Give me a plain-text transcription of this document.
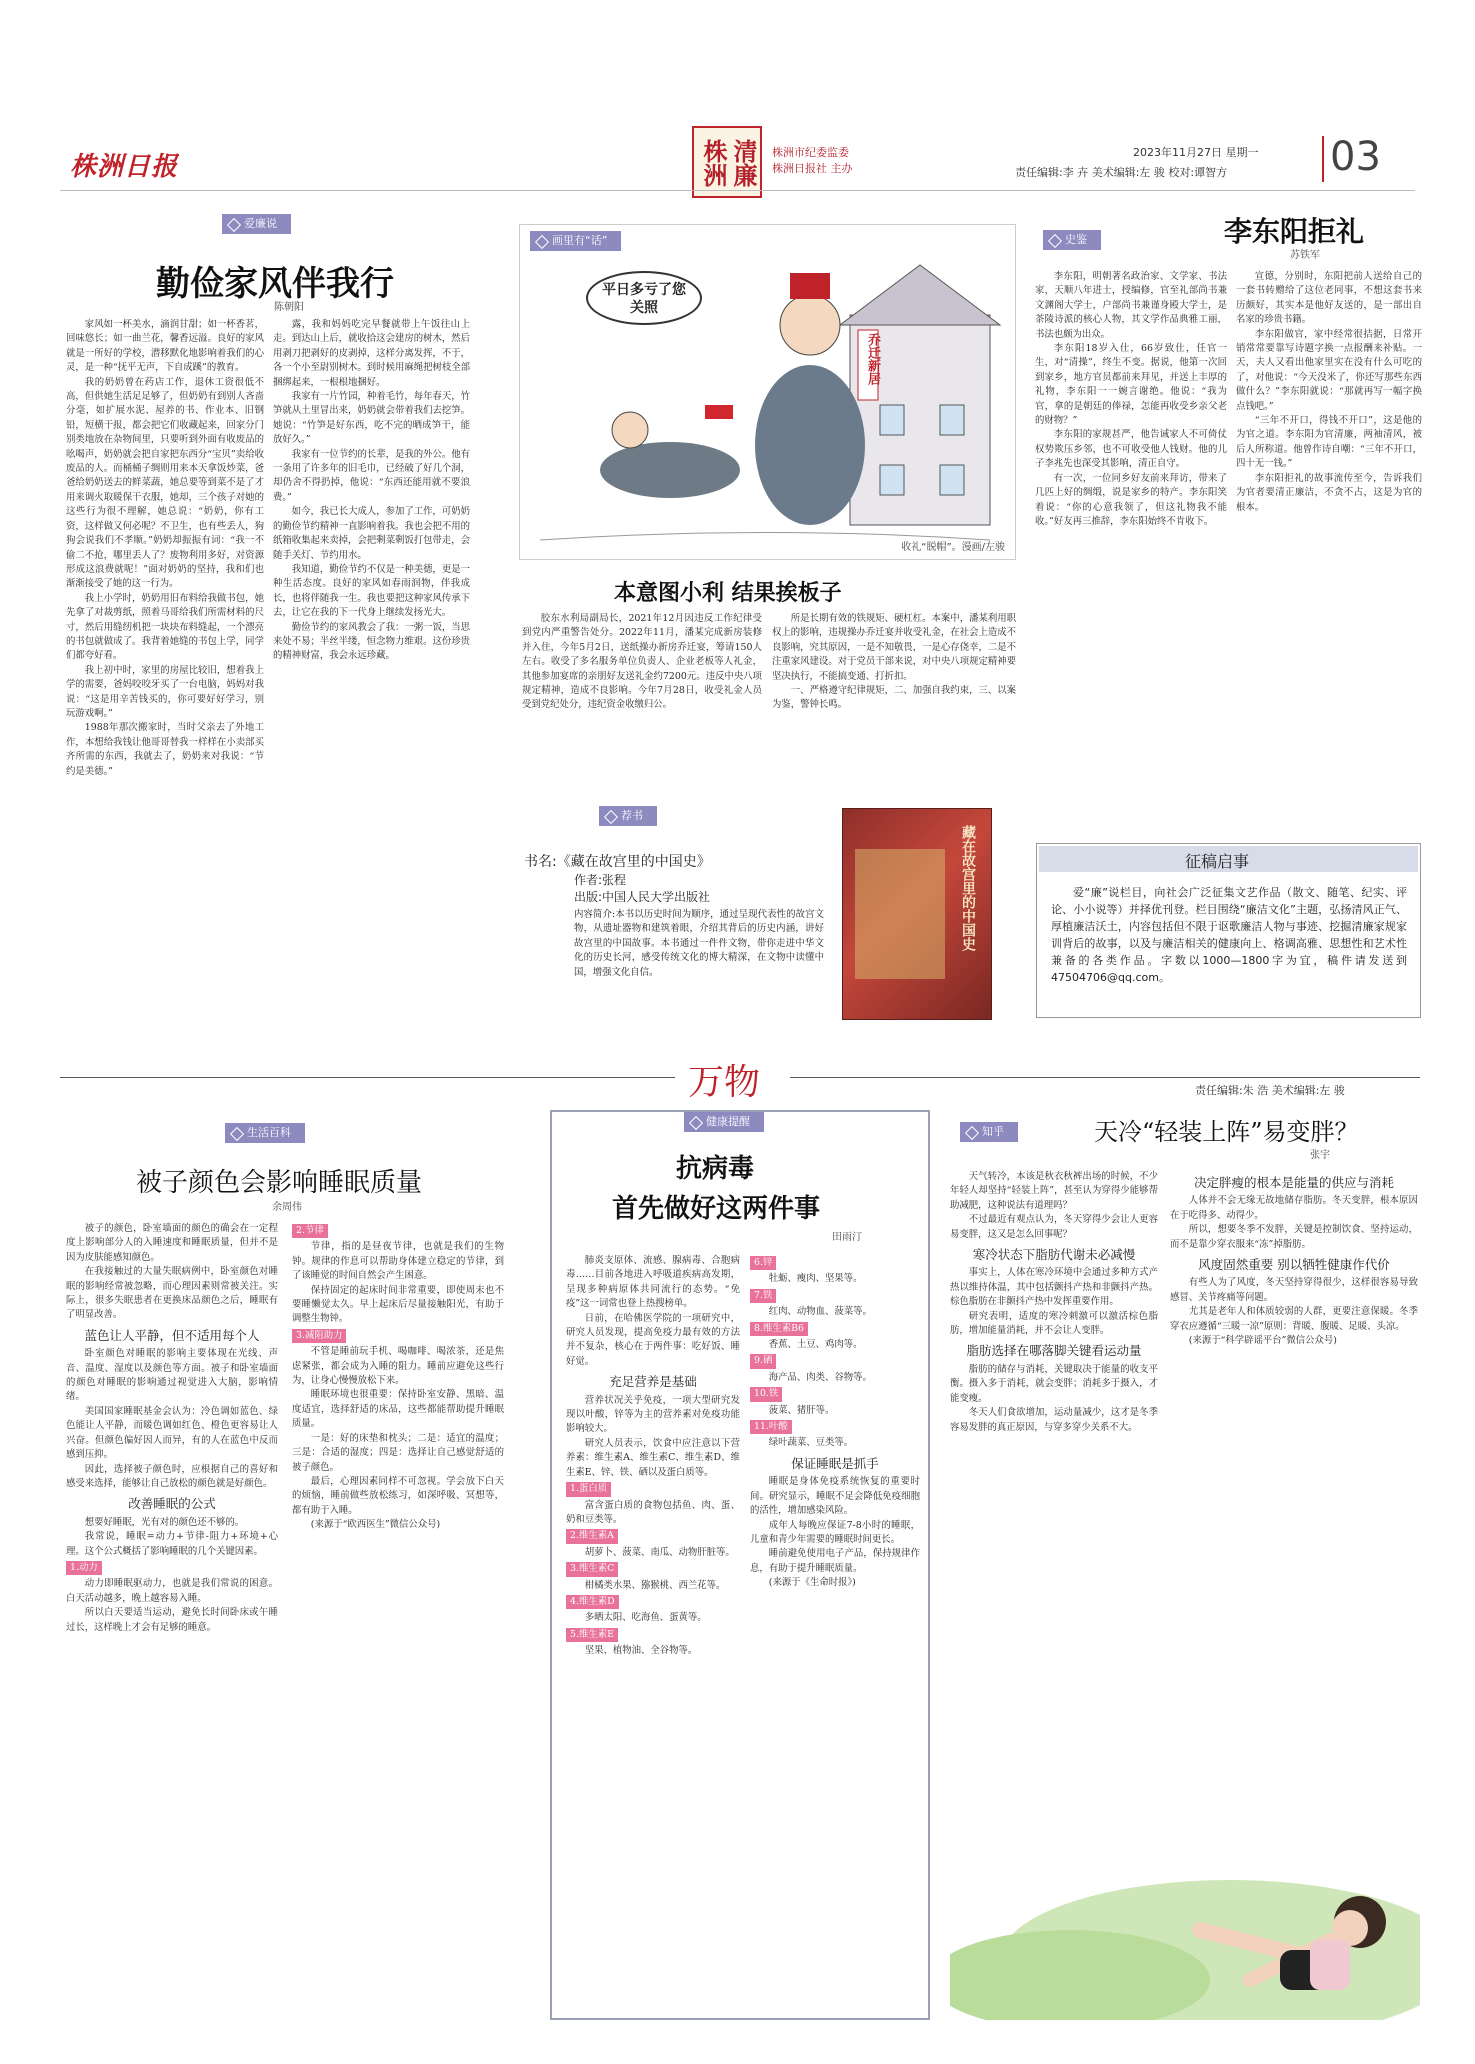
株洲日报	清廉株洲	株洲市纪委监委
株洲日报社 主办
2023年11月27日 星期一
责任编辑:李 卉 美术编辑:左 骏 校对:谭智方	03
爱廉说
勤俭家风伴我行
陈朝阳

家风如一杯美水，滴润甘甜；如一杯香茗，回味悠长；如一曲兰花，馨香远溢。良好的家风就是一所好的学校，潜移默化地影响着我们的心灵，是一种“抚平无声，下自成蹊”的教育。

我的奶奶曾在药店工作，退休工资很低不高，但供她生活足足够了，但奶奶有到别人吝啬分毫，如扩展水泥、屋养的书、作业本、旧钢铅，短横干报，都会把它们收藏起来，回家分门别类地放在杂物间里，只要听到外面有收废品的吆喝声，奶奶就会把自家把东西分“宝贝”卖给收废品的人。而桶桶子绸则用来本天拿饭炒菜，爸爸给奶奶送去的鲜菜蔬，她总要等到菜不是了才用来调火取暖保干衣服，她却，三个孩子对她的这些行为很不理解，她总说：“奶奶，你有工资，这样做又何必呢？不卫生，也有些丢人，狗狗会说我们不孝顺。”奶奶却振振有词：“我一不偷二不抢，哪里丢人了？废物利用多好，对资源形成这浪费就呢！”面对奶奶的坚持，我和们也渐渐接受了她的这一行为。

我上小学时，奶奶用旧布料给我做书包，她先拿了对裁剪纸，照着马哥给我们所需材料的尺寸，然后用缝纫机把一块块布料缝起，一个漂亮的书包就做成了。我背着她缝的书包上学，同学们都夸好看。

我上初中时，家里的房屋比较旧，想着我上学的需要，爸妈咬咬牙买了一台电脑，妈妈对我说：“这是用辛苦钱买的，你可要好好学习，别玩游戏啊。”

1988年那次搬家时，当时父亲去了外地工作，本想给我钱让他哥哥替我一样样在小卖部买齐所需的东西，我就去了，奶奶来对我说：“节约是美德。”

露，我和妈妈吃完早餐就带上午饭往山上走。到达山上后，就收拾这会建房的树木，然后用剥刀把剥好的皮剥掉，这样分离发挥，不于，各一个小至尉别树木。到时候用麻绳把树枝全部捆绑起来，一根根地捆好。

我家有一片竹园，种着毛竹，每年春天，竹笋就从土里冒出来，奶奶就会带着我们去挖笋。她说：“竹笋是好东西，吃不完的晒成笋干，能放好久。”

我家有一位节约的长辈，是我的外公。他有一条用了许多年的旧毛巾，已经破了好几个洞，却仍舍不得扔掉，他说：“东西还能用就不要浪费。”

如今，我已长大成人，参加了工作，可奶奶的勤俭节约精神一直影响着我。我也会把不用的纸箱收集起来卖掉，会把剩菜剩饭打包带走，会随手关灯、节约用水。

我知道，勤俭节约不仅是一种美德，更是一种生活态度。良好的家风如春雨润物，伴我成长，也将伴随我一生。我也要把这种家风传承下去，让它在我的下一代身上继续发扬光大。

勤俭节约的家风教会了我：一粥一饭，当思来处不易；半丝半缕，恒念物力维艰。这份珍贵的精神财富，我会永远珍藏。

画里有“话”
平日多亏了您关照
乔迁新居
收礼“脱帽”。漫画/左骏
本意图小利 结果挨板子

胶东水利局副局长，2021年12月因违反工作纪律受到党内严重警告处分。2022年11月，潘某完成新房装修并入住，今年5月2日，送纸操办新房乔迁宴，筹请150人左右。收受了多名服务单位负责人、企业老板等人礼金，其他参加宴席的亲朋好友送礼金约7200元。违反中央八项规定精神，造成不良影响。今年7月28日，收受礼金人员受到党纪处分，违纪资金收缴归公。

所是长期有效的铁规矩、硬杠杠。本案中，潘某利用职权上的影响，违规操办乔迁宴并收受礼金，在社会上造成不良影响，究其原因，一是不知敬畏，一是心存侥幸，二是不注重家风建设。对于党员干部来说，对中央八项规定精神要坚决执行，不能搞变通、打折扣。

一、严格遵守纪律规矩，二、加强自我约束，三、以案为鉴，警钟长鸣。

荐书
书名:《藏在故宫里的中国史》
作者:张程
出版:中国人民大学出版社
内容简介:本书以历史时间为顺序，通过呈现代表性的故宫文物，从遗址器物和建筑着眼，介绍其背后的历史内涵，讲好故宫里的中国故事。本书通过一件件文物，带你走进中华文化的历史长河，感受传统文化的博大精深，在文物中读懂中国，增强文化自信。
藏在故宫里的中国史
史鉴	李东阳拒礼
苏铁军

李东阳，明朝著名政治家、文学家、书法家，天顺八年进士，授编修，官至礼部尚书兼文渊阁大学士，户部尚书兼谨身殿大学士，是茶陵诗派的核心人物，其文学作品典雅工丽，书法也颇为出众。

李东阳18岁入仕，66岁致仕，任官一生，对“清操”，终生不变。据说，他第一次回到家乡，地方官员都前来拜见，并送上丰厚的礼物，李东阳一一婉言谢绝。他说：“我为官，拿的是朝廷的俸禄，怎能再收受乡亲父老的财物？”

李东阳的家规甚严，他告诫家人不可倚仗权势欺压乡邻，也不可收受他人钱财。他的儿子李兆先也深受其影响，清正自守。

有一次，一位同乡好友前来拜访，带来了几匹上好的绸缎，说是家乡的特产。李东阳笑着说：“你的心意我领了，但这礼物我不能收。”好友再三推辞，李东阳始终不肯收下。

宣德，分别时，东阳把前人送给自己的一套书转赠给了这位老同事，不想这套书来历颇好，其实本是他好友送的，是一部出自名家的珍贵书籍。

李东阳做官，家中经常很拮据，日常开销常常要靠写诗题字换一点报酬来补贴。一天，夫人又看出他家里实在没有什么可吃的了，对他说：“今天没米了，你还写那些东西做什么？”李东阳就说：“那就再写一幅字换点钱吧。”

“三年不开口，得钱不开口”，这是他的为官之道。李东阳为官清廉，两袖清风，被后人所称道。他曾作诗自嘲：“三年不开口，四十无一钱。”

李东阳拒礼的故事流传至今，告诉我们为官者要清正廉洁，不贪不占，这是为官的根本。

征稿启事
爱“廉”说栏目，向社会广泛征集文艺作品（散文、随笔、纪实、评论、小小说等）并择优刊登。栏目围绕“廉洁文化”主题，弘扬清风正气、厚植廉洁沃土，内容包括但不限于讴歌廉洁人物与事迹、挖掘清廉家规家训背后的故事，以及与廉洁相关的健康向上、格调高雅、思想性和艺术性兼备的各类作品。字数以1000—1800字为宜，稿件请发送到47504706@qq.com。
万物	责任编辑:朱 浩 美术编辑:左 骏
生活百科
被子颜色会影响睡眠质量
余周伟

被子的颜色，卧室墙面的颜色的确会在一定程度上影响部分人的入睡速度和睡眠质量，但并不是因为皮肤能感知颜色。

在我接触过的大量失眠病例中，卧室颜色对睡眠的影响经常被忽略，而心理因素则常被关注。实际上，很多失眠患者在更换床品颜色之后，睡眠有了明显改善。

蓝色让人平静，但不适用每个人

卧室颜色对睡眠的影响主要体现在光线、声音、温度、湿度以及颜色等方面。被子和卧室墙面的颜色对睡眠的影响通过视觉进入大脑，影响情绪。

美国国家睡眠基金会认为：冷色调如蓝色、绿色能让人平静，而暖色调如红色、橙色更容易让人兴奋。但颜色偏好因人而异，有的人在蓝色中反而感到压抑。

因此，选择被子颜色时，应根据自己的喜好和感受来选择，能够让自己放松的颜色就是好颜色。

改善睡眠的公式

想要好睡眠，光有对的颜色还不够的。

我常说，睡眠=动力+节律-阻力+环境+心理。这个公式概括了影响睡眠的几个关键因素。

1.动力

动力即睡眠驱动力，也就是我们常说的困意。白天活动越多，晚上越容易入睡。

所以白天要适当运动，避免长时间卧床或午睡过长，这样晚上才会有足够的睡意。

2.节律

节律，指的是昼夜节律，也就是我们的生物钟。规律的作息可以帮助身体建立稳定的节律，到了该睡觉的时间自然会产生困意。

保持固定的起床时间非常重要，即使周末也不要睡懒觉太久。早上起床后尽量接触阳光，有助于调整生物钟。

3.减阻助力

不管是睡前玩手机、喝咖啡、喝浓茶，还是焦虑紧张，都会成为入睡的阻力。睡前应避免这些行为，让身心慢慢放松下来。

睡眠环境也很重要：保持卧室安静、黑暗、温度适宜，选择舒适的床品，这些都能帮助提升睡眠质量。

一是：好的床垫和枕头；二是：适宜的温度；三是：合适的湿度；四是：选择让自己感觉舒适的被子颜色。

最后，心理因素同样不可忽视。学会放下白天的烦恼，睡前做些放松练习，如深呼吸、冥想等，都有助于入睡。

(来源于“欧西医生”微信公众号)

健康提醒
抗病毒
首先做好这两件事
田雨汀

肺炎支原体、流感、腺病毒、合胞病毒……目前各地进入呼吸道疾病高发期，呈现多种病原体共同流行的态势。“免疫”这一词常也登上热搜榜单。

日前，在哈佛医学院的一项研究中，研究人员发现，提高免疫力最有效的方法并不复杂，核心在于两件事：吃好饭、睡好觉。

充足营养是基础

营养状况关乎免疫，一项大型研究发现以叶酸，锌等为主的营养素对免疫功能影响较大。

研究人员表示，饮食中应注意以下营养素：维生素A、维生素C、维生素D、维生素E、锌、铁、硒以及蛋白质等。

1.蛋白质

富含蛋白质的食物包括鱼、肉、蛋、奶和豆类等。

2.维生素A

胡萝卜、菠菜、南瓜、动物肝脏等。

3.维生素C

柑橘类水果、猕猴桃、西兰花等。

4.维生素D

多晒太阳、吃海鱼、蛋黄等。

5.维生素E

坚果、植物油、全谷物等。

6.锌

牡蛎、瘦肉、坚果等。

7.铁

红肉、动物血、菠菜等。

8.维生素B6

香蕉、土豆、鸡肉等。

9.硒

海产品、肉类、谷物等。

10.铁

菠菜、猪肝等。

11.叶酸

绿叶蔬菜、豆类等。

保证睡眠是抓手

睡眠是身体免疫系统恢复的重要时间。研究显示，睡眠不足会降低免疫细胞的活性，增加感染风险。

成年人每晚应保证7-8小时的睡眠，儿童和青少年需要的睡眠时间更长。

睡前避免使用电子产品，保持规律作息，有助于提升睡眠质量。

(来源于《生命时报》)

知乎	天冷“轻装上阵”易变胖？
张宇

天气转冷，本该是秋衣秋裤出场的时候，不少年轻人却坚持“轻装上阵”，甚至认为穿得少能够帮助减肥，这种说法有道理吗？

不过最近有观点认为，冬天穿得少会让人更容易变胖，这又是怎么回事呢？

寒冷状态下脂肪代谢未必减慢

事实上，人体在寒冷环境中会通过多种方式产热以维持体温，其中包括颤抖产热和非颤抖产热。棕色脂肪在非颤抖产热中发挥重要作用。

研究表明，适度的寒冷刺激可以激活棕色脂肪，增加能量消耗，并不会让人变胖。

脂肪选择在哪落脚关键看运动量

脂肪的储存与消耗，关键取决于能量的收支平衡。摄入多于消耗，就会变胖；消耗多于摄入，才能变瘦。

冬天人们食欲增加，运动量减少，这才是冬季容易发胖的真正原因，与穿多穿少关系不大。

决定胖瘦的根本是能量的供应与消耗

人体并不会无缘无故地储存脂肪。冬天变胖，根本原因在于吃得多、动得少。

所以，想要冬季不发胖，关键是控制饮食、坚持运动，而不是靠少穿衣服来“冻”掉脂肪。

风度固然重要 别以牺牲健康作代价

有些人为了风度，冬天坚持穿得很少，这样很容易导致感冒、关节疼痛等问题。

尤其是老年人和体质较弱的人群，更要注意保暖。冬季穿衣应遵循“三暖一凉”原则：背暖、腹暖、足暖、头凉。

(来源于“科学辟谣平台”微信公众号)
